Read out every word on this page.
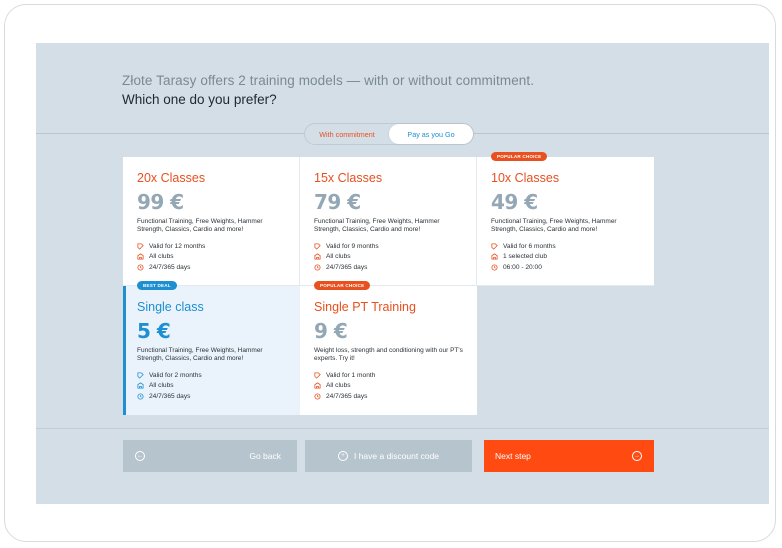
Złote Tarasy offers 2 training models — with or without commitment.
Which one do you prefer?
With commitment	Pay as you Go
20x Classes
99 €
Functional Training, Free Weights, Hammer Strength, Classics, Cardio and more!
Valid for 12 months
All clubs
24/7/365 days
15x Classes
79 €
Functional Training, Free Weights, Hammer Strength, Classics, Cardio and more!
Valid for 9 months
All clubs
24/7/365 days
POPULAR CHOICE
10x Classes
49 €
Functional Training, Free Weights, Hammer Strength, Classics, Cardio and more!
Valid for 6 months
1 selected club
06:00 - 20:00
BEST DEAL
Single class
5 €
Functional Training, Free Weights, Hammer Strength, Classics, Cardio and more!
Valid for 2 months
All clubs
24/7/365 days
POPULAR CHOICE
Single PT Training
9 €
Weight loss, strength and conditioning with our PT's experts. Try it!
Valid for 1 month
All clubs
24/7/365 days
←	Go back	+	I have a discount code	Next step	→
